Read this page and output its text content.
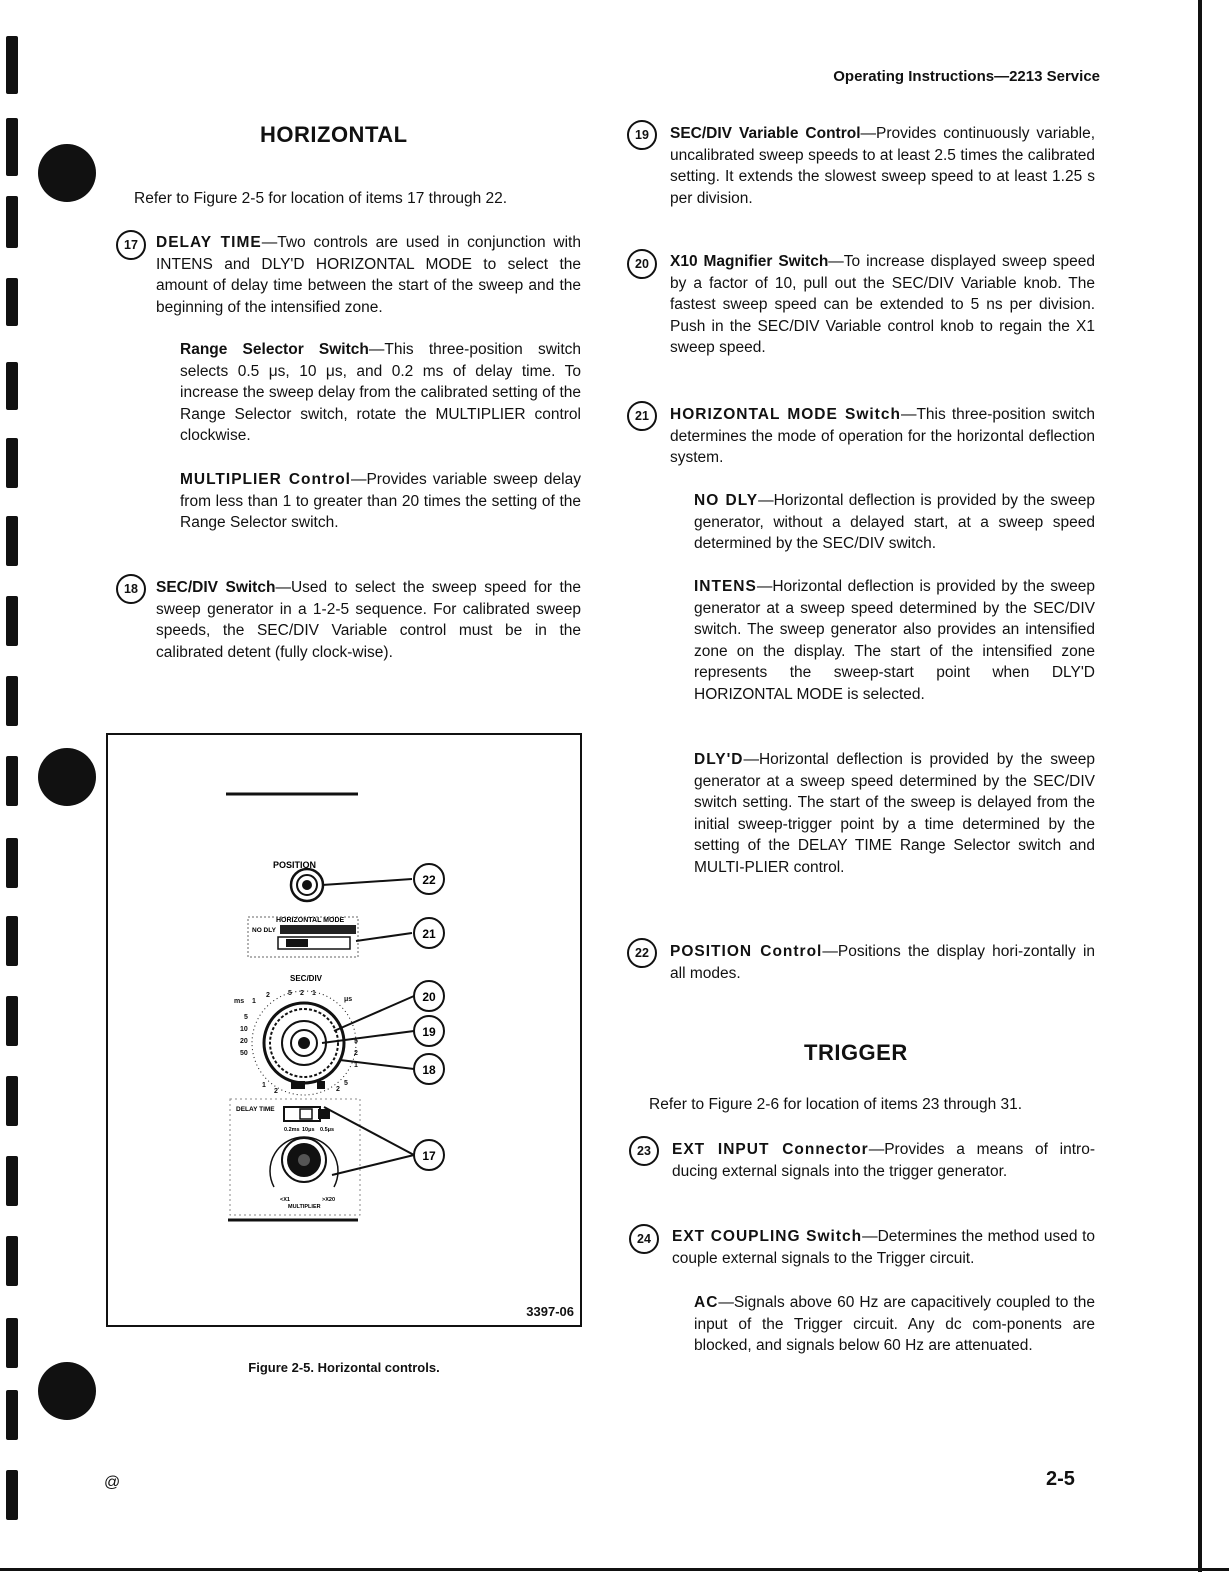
Operating Instructions—2213 Service
HORIZONTAL
Refer to Figure 2-5 for location of items 17 through 22.
17	DELAY TIME—Two controls are used in conjunction with INTENS and DLY'D HORIZONTAL MODE to select the amount of delay time between the start of the sweep and the beginning of the intensified zone.
Range Selector Switch—This three-position switch selects 0.5 μs, 10 μs, and 0.2 ms of delay time. To increase the sweep delay from the calibrated setting of the Range Selector switch, rotate the MULTIPLIER control clockwise.
MULTIPLIER Control—Provides variable sweep delay from less than 1 to greater than 20 times the setting of the Range Selector switch.
18	SEC/DIV Switch—Used to select the sweep speed for the sweep generator in a 1-2-5 sequence. For calibrated sweep speeds, the SEC/DIV Variable control must be in the calibrated detent (fully clock-wise).
POSITION
HORIZONTAL MODE
NO DLY
SEC/DIV
ms 1
2	5 2 1
μs
5
10
20
50
5
2
1
1
2
5
2
DELAY TIME
0.2ms 10μs 0.5μs
<X1	>X20
MULTIPLIER
22
21
20
19
18
17
3397-06
Figure 2-5. Horizontal controls.
19	SEC/DIV Variable Control—Provides continuously variable, uncalibrated sweep speeds to at least 2.5 times the calibrated setting. It extends the slowest sweep speed to at least 1.25 s per division.
20	X10 Magnifier Switch—To increase displayed sweep speed by a factor of 10, pull out the SEC/DIV Variable knob. The fastest sweep speed can be extended to 5 ns per division. Push in the SEC/DIV Variable control knob to regain the X1 sweep speed.
21	HORIZONTAL MODE Switch—This three-position switch determines the mode of operation for the horizontal deflection system.
NO DLY—Horizontal deflection is provided by the sweep generator, without a delayed start, at a sweep speed determined by the SEC/DIV switch.
INTENS—Horizontal deflection is provided by the sweep generator at a sweep speed determined by the SEC/DIV switch. The sweep generator also provides an intensified zone on the display. The start of the intensified zone represents the sweep-start point when DLY'D HORIZONTAL MODE is selected.
DLY'D—Horizontal deflection is provided by the sweep generator at a sweep speed determined by the SEC/DIV switch setting. The start of the sweep is delayed from the initial sweep-trigger point by a time determined by the setting of the DELAY TIME Range Selector switch and MULTI-PLIER control.
22	POSITION Control—Positions the display hori-zontally in all modes.
TRIGGER
Refer to Figure 2-6 for location of items 23 through 31.
23	EXT INPUT Connector—Provides a means of intro-ducing external signals into the trigger generator.
24	EXT COUPLING Switch—Determines the method used to couple external signals to the Trigger circuit.
AC—Signals above 60 Hz are capacitively coupled to the input of the Trigger circuit. Any dc com-ponents are blocked, and signals below 60 Hz are attenuated.
@	2-5
